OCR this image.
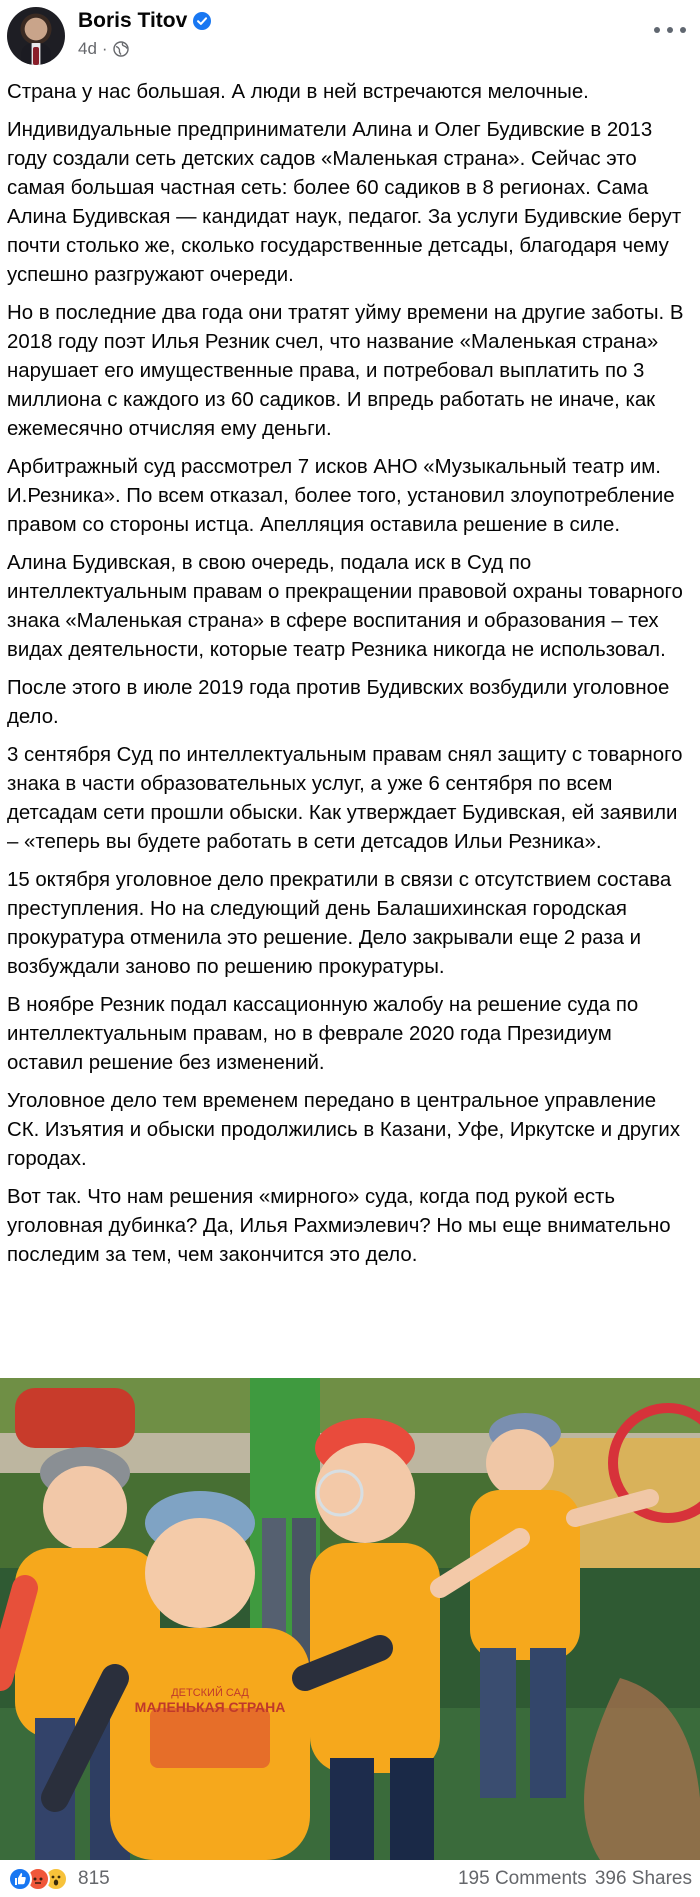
Boris Titov
4d ·

Страна у нас большая. А люди в ней встречаются мелочные.

Индивидуальные предприниматели Алина и Олег Будивские в 2013 году создали сеть детских садов «Маленькая страна». Сейчас это самая большая частная сеть: более 60 садиков в 8 регионах. Сама Алина Будивская — кандидат наук, педагог. За услуги Будивские берут почти столько же, сколько государственные детсады, благодаря чему успешно разгружают очереди.

Но в последние два года они тратят уйму времени на другие заботы. В 2018 году поэт Илья Резник счел, что название «Маленькая страна» нарушает его имущественные права, и потребовал выплатить по 3 миллиона с каждого из 60 садиков. И впредь работать не иначе, как ежемесячно отчисляя ему деньги.

Арбитражный суд рассмотрел 7 исков АНО «Музыкальный театр им. И.Резника». По всем отказал, более того, установил злоупотребление правом со стороны истца. Апелляция оставила решение в силе.

Алина Будивская, в свою очередь, подала иск в Суд по интеллектуальным правам о прекращении правовой охраны товарного знака «Маленькая страна» в сфере воспитания и образования – тех видах деятельности, которые театр Резника никогда не использовал.

После этого в июле 2019 года против Будивских возбудили уголовное дело.

3 сентября Суд по интеллектуальным правам снял защиту с товарного знака в части образовательных услуг, а уже 6 сентября по всем детсадам сети прошли обыски. Как утверждает Будивская, ей заявили – «теперь вы будете работать в сети детсадов Ильи Резника».

15 октября уголовное дело прекратили в связи с отсутствием состава преступления. Но на следующий день Балашихинская городская прокуратура отменила это решение. Дело закрывали еще 2 раза и возбуждали заново по решению прокуратуры.

В ноябре Резник подал кассационную жалобу на решение суда по интеллектуальным правам, но в феврале 2020 года Президиум оставил решение без изменений.

Уголовное дело тем временем передано в центральное управление СК. Изъятия и обыски продолжились в Казани, Уфе, Иркутске и других городах.

Вот так. Что нам решения «мирного» суда, когда под рукой есть уголовная дубинка? Да, Илья Рахмиэлевич? Но мы еще внимательно последим за тем, чем закончится это дело.

ДЕТСКИЙ САД
МАЛЕНЬКАЯ СТРАНА
815	195 Comments 396 Shares
